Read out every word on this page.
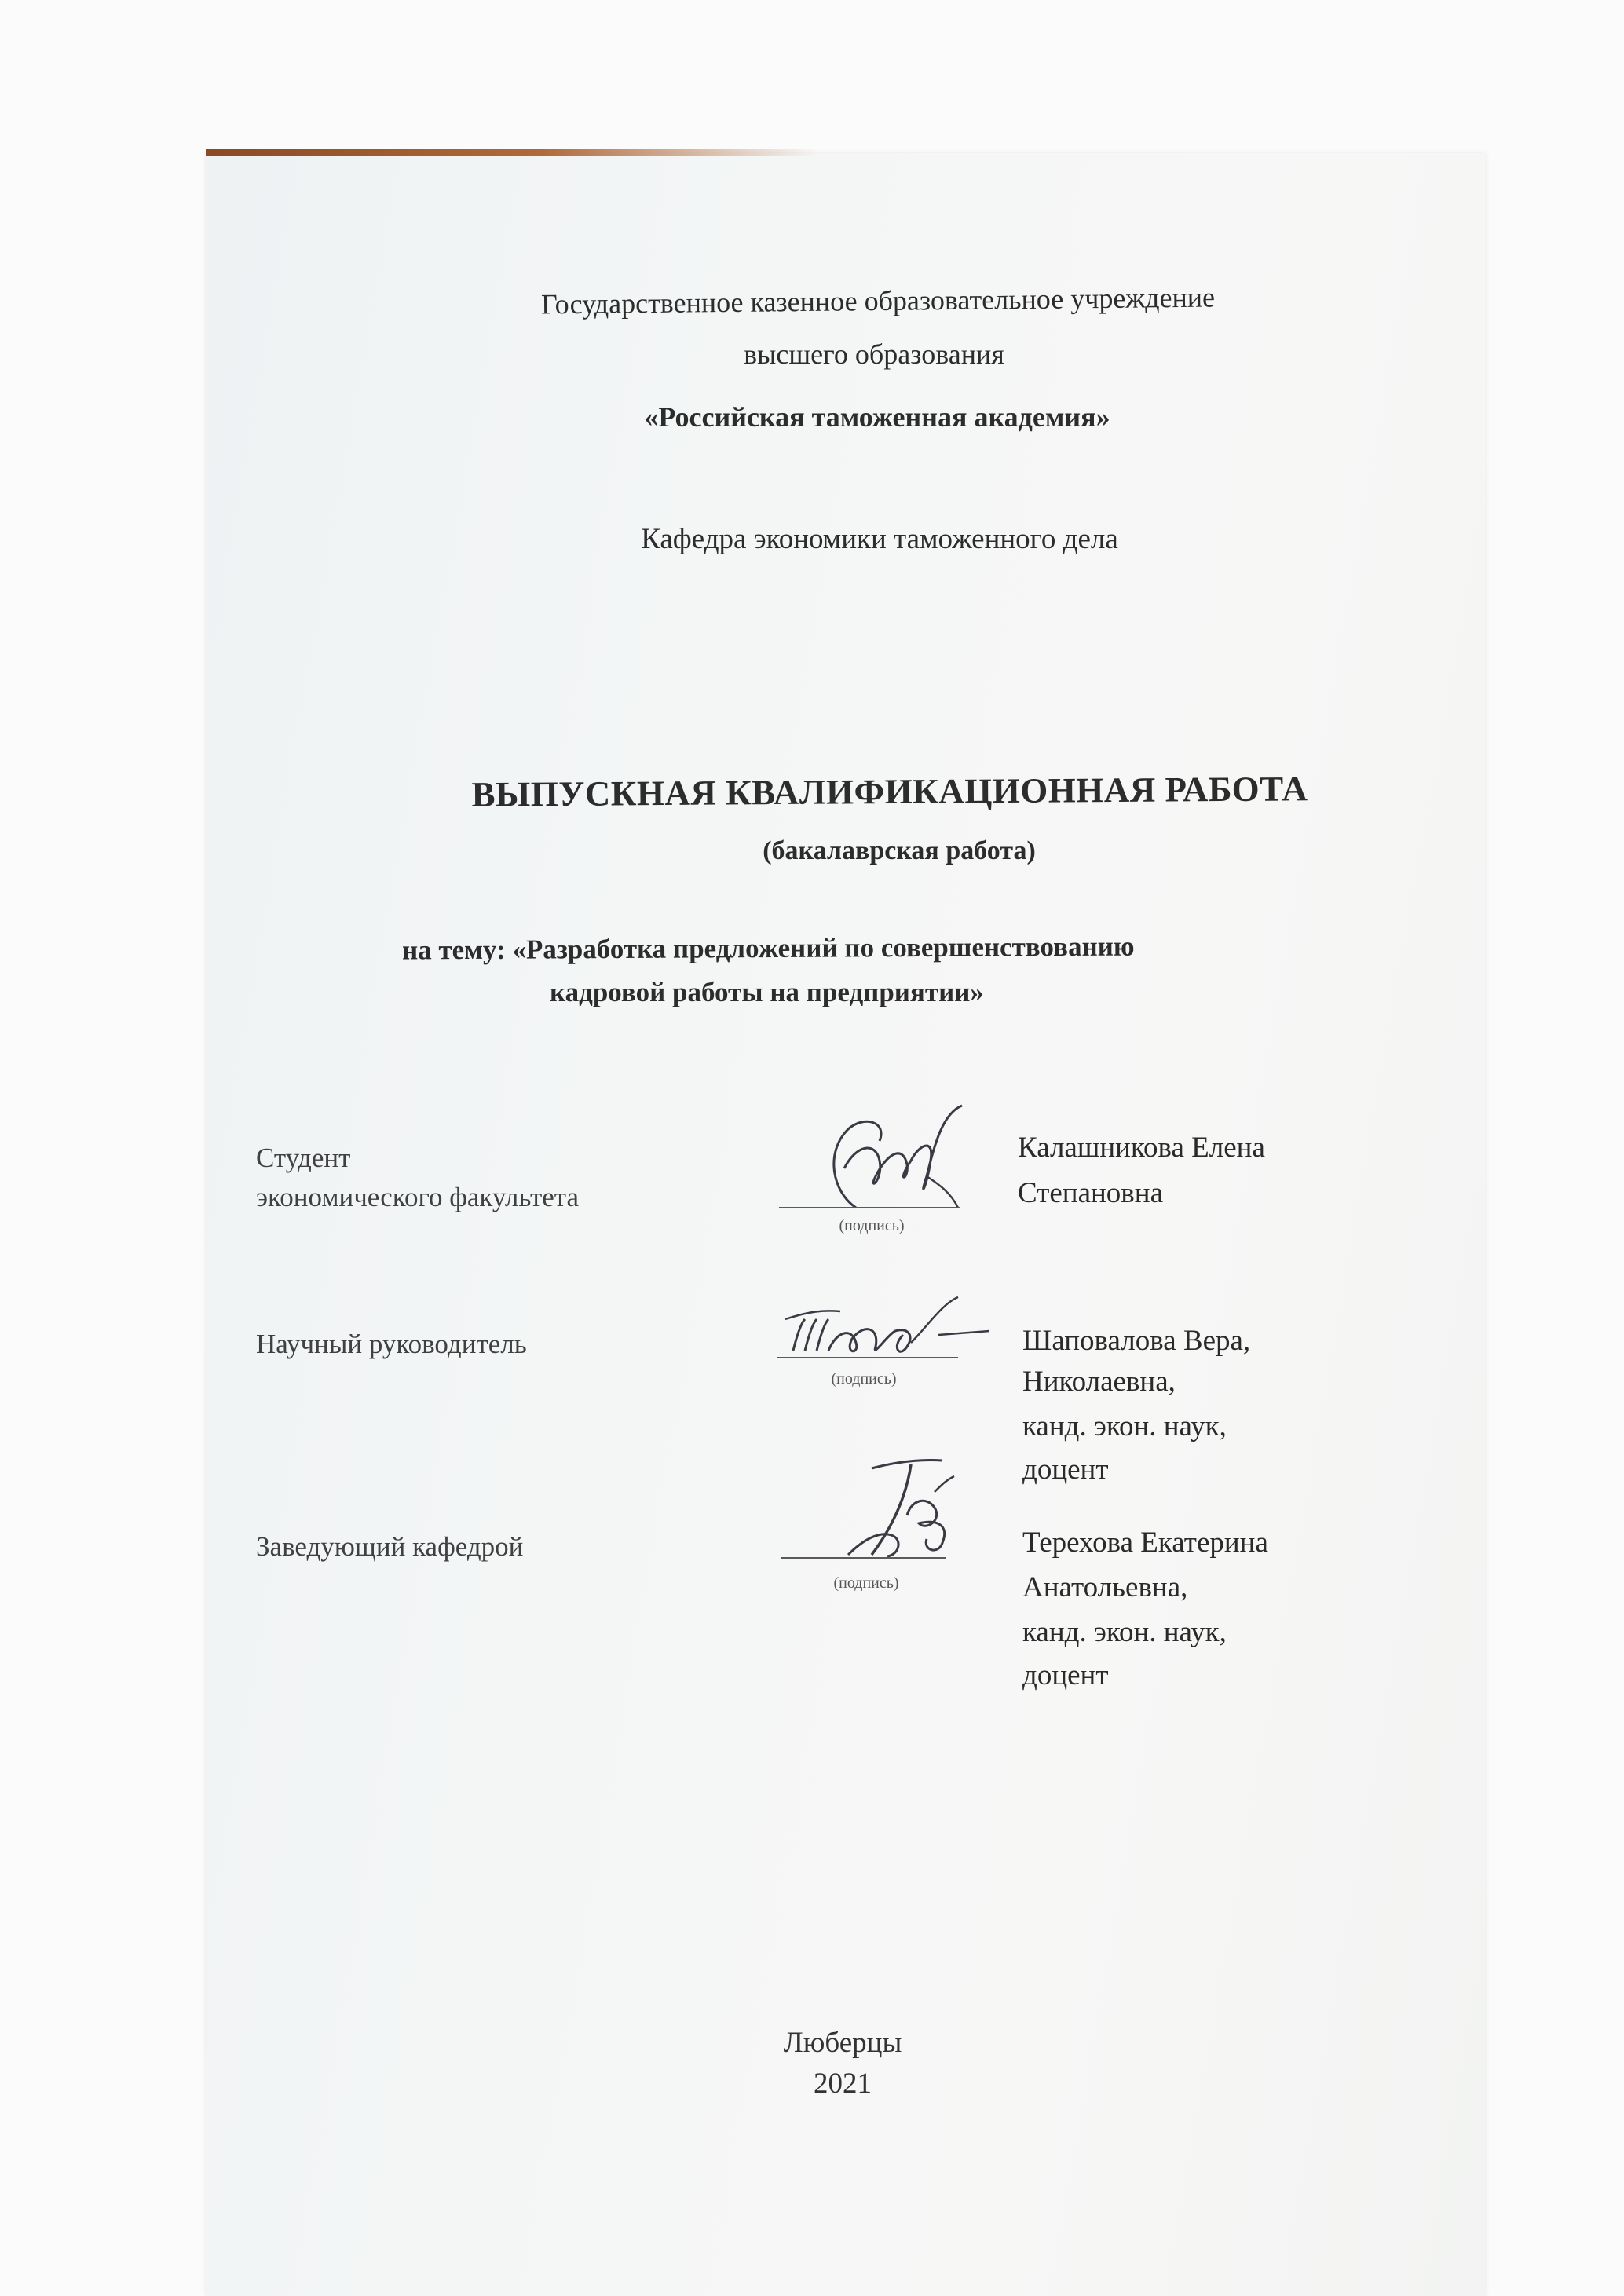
Государственное казенное образовательное учреждение
высшего образования
«Российская таможенная академия»
Кафедра экономики таможенного дела
ВЫПУСКНАЯ КВАЛИФИКАЦИОННАЯ РАБОТА
(бакалаврская работа)
на тему: «Разработка предложений по совершенствованию
кадровой работы на предприятии»
Студент
экономического факультета
(подпись)
Калашникова Елена
Степановна
Научный руководитель
(подпись)
Шаповалова Вера,
Николаевна,
канд. экон. наук,
доцент
Заведующий кафедрой
(подпись)
Терехова Екатерина
Анатольевна,
канд. экон. наук,
доцент
Люберцы
2021
